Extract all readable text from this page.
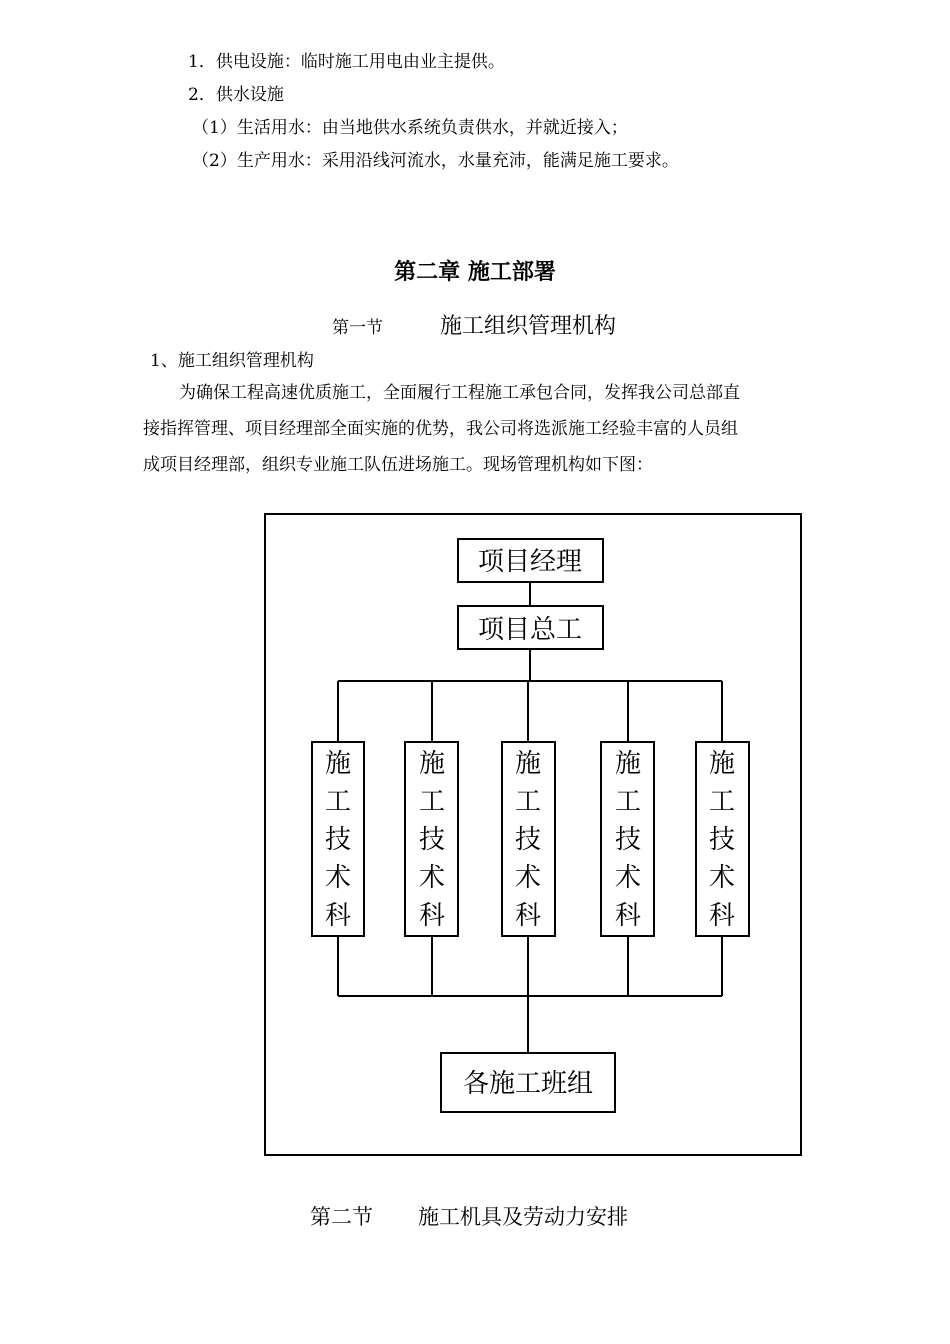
1．供电设施：临时施工用电由业主提供。
2．供水设施
（1）生活用水：由当地供水系统负责供水，并就近接入；
（2）生产用水：采用沿线河流水，水量充沛，能满足施工要求。
第二章 施工部署
第一节	施工组织管理机构
1、施工组织管理机构
为确保工程高速优质施工，全面履行工程施工承包合同，发挥我公司总部直
接指挥管理、项目经理部全面实施的优势，我公司将选派施工经验丰富的人员组
成项目经理部，组织专业施工队伍进场施工。现场管理机构如下图：
项目经理
项目总工
施
工
技
术
科
施
工
技
术
科
施
工
技
术
科
施
工
技
术
科
施
工
技
术
科
各施工班组
第二节 施工机具及劳动力安排
